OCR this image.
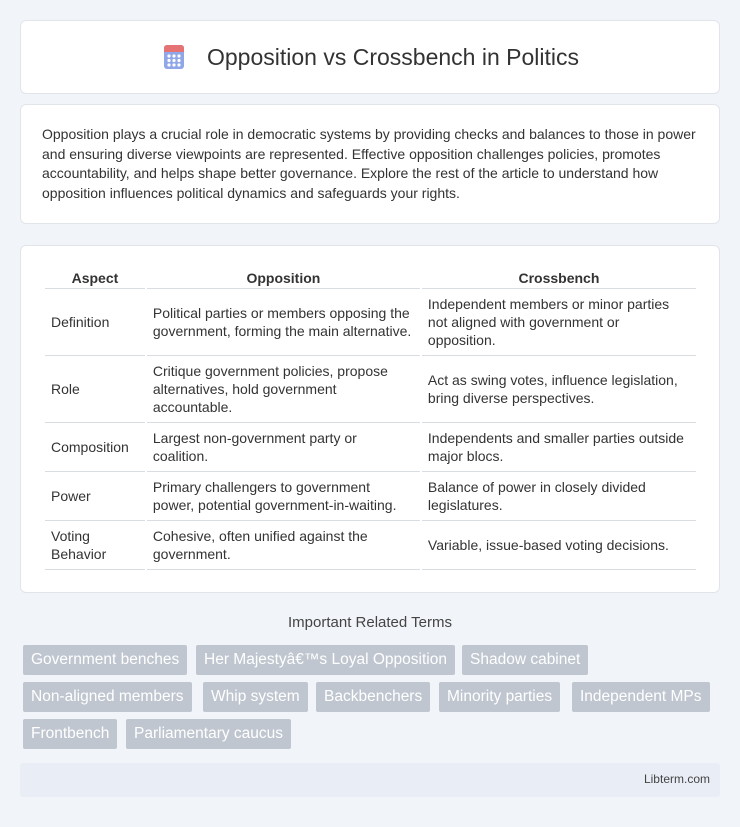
Opposition vs Crossbench in Politics

Opposition plays a crucial role in democratic systems by providing checks and balances to those in power and ensuring diverse viewpoints are represented. Effective opposition challenges policies, promotes accountability, and helps shape better governance. Explore the rest of the article to understand how opposition influences political dynamics and safeguards your rights.

Aspect	Opposition	Crossbench
Definition	Political parties or members opposing the government, forming the main alternative.	Independent members or minor parties not aligned with government or opposition.
Role	Critique government policies, propose alternatives, hold government accountable.	Act as swing votes, influence legislation, bring diverse perspectives.
Composition	Largest non-government party or coalition.	Independents and smaller parties outside major blocs.
Power	Primary challengers to government power, potential government-in-waiting.	Balance of power in closely divided legislatures.
Voting Behavior	Cohesive, often unified against the government.	Variable, issue-based voting decisions.
Important Related Terms
Government benches	Her Majestyâ€™s Loyal Opposition	Shadow cabinet
Non-aligned members	Whip system	Backbenchers	Minority parties	Independent MPs
Frontbench	Parliamentary caucus
Libterm.com
